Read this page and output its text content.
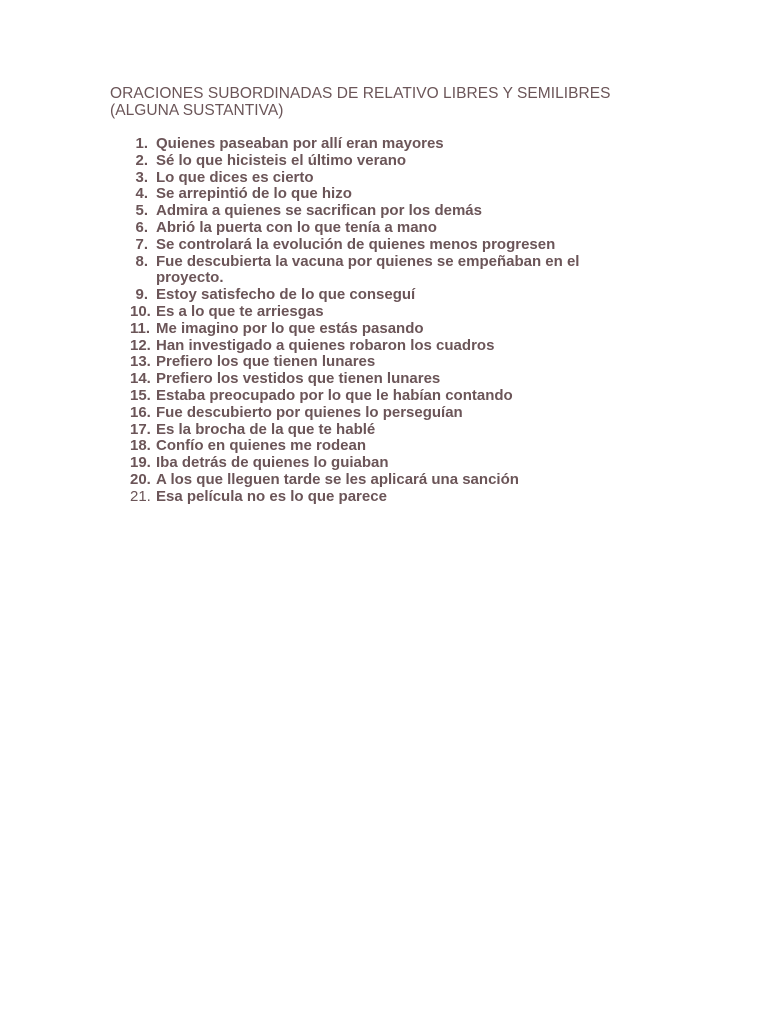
ORACIONES SUBORDINADAS DE RELATIVO LIBRES Y SEMILIBRES
(ALGUNA SUSTANTIVA)
1. Quienes paseaban por allí eran mayores
2. Sé lo que hicisteis el último verano
3. Lo que dices es cierto
4. Se arrepintió de lo que hizo
5. Admira a quienes se sacrifican por los demás
6. Abrió la puerta con lo que tenía a mano
7. Se controlará la evolución de quienes menos progresen
8. Fue descubierta la vacuna por quienes se empeñaban en el proyecto.
9. Estoy satisfecho de lo que conseguí
10. Es a lo que te arriesgas
11. Me imagino por lo que estás pasando
12. Han investigado a quienes robaron los cuadros
13. Prefiero los que tienen lunares
14. Prefiero los vestidos que tienen lunares
15. Estaba preocupado por lo que le habían contando
16. Fue descubierto por quienes lo perseguían
17. Es la brocha de la que te hablé
18. Confío en quienes me rodean
19. Iba detrás de quienes lo guiaban
20. A los que lleguen tarde se les aplicará una sanción
21. Esa película no es lo que parece
